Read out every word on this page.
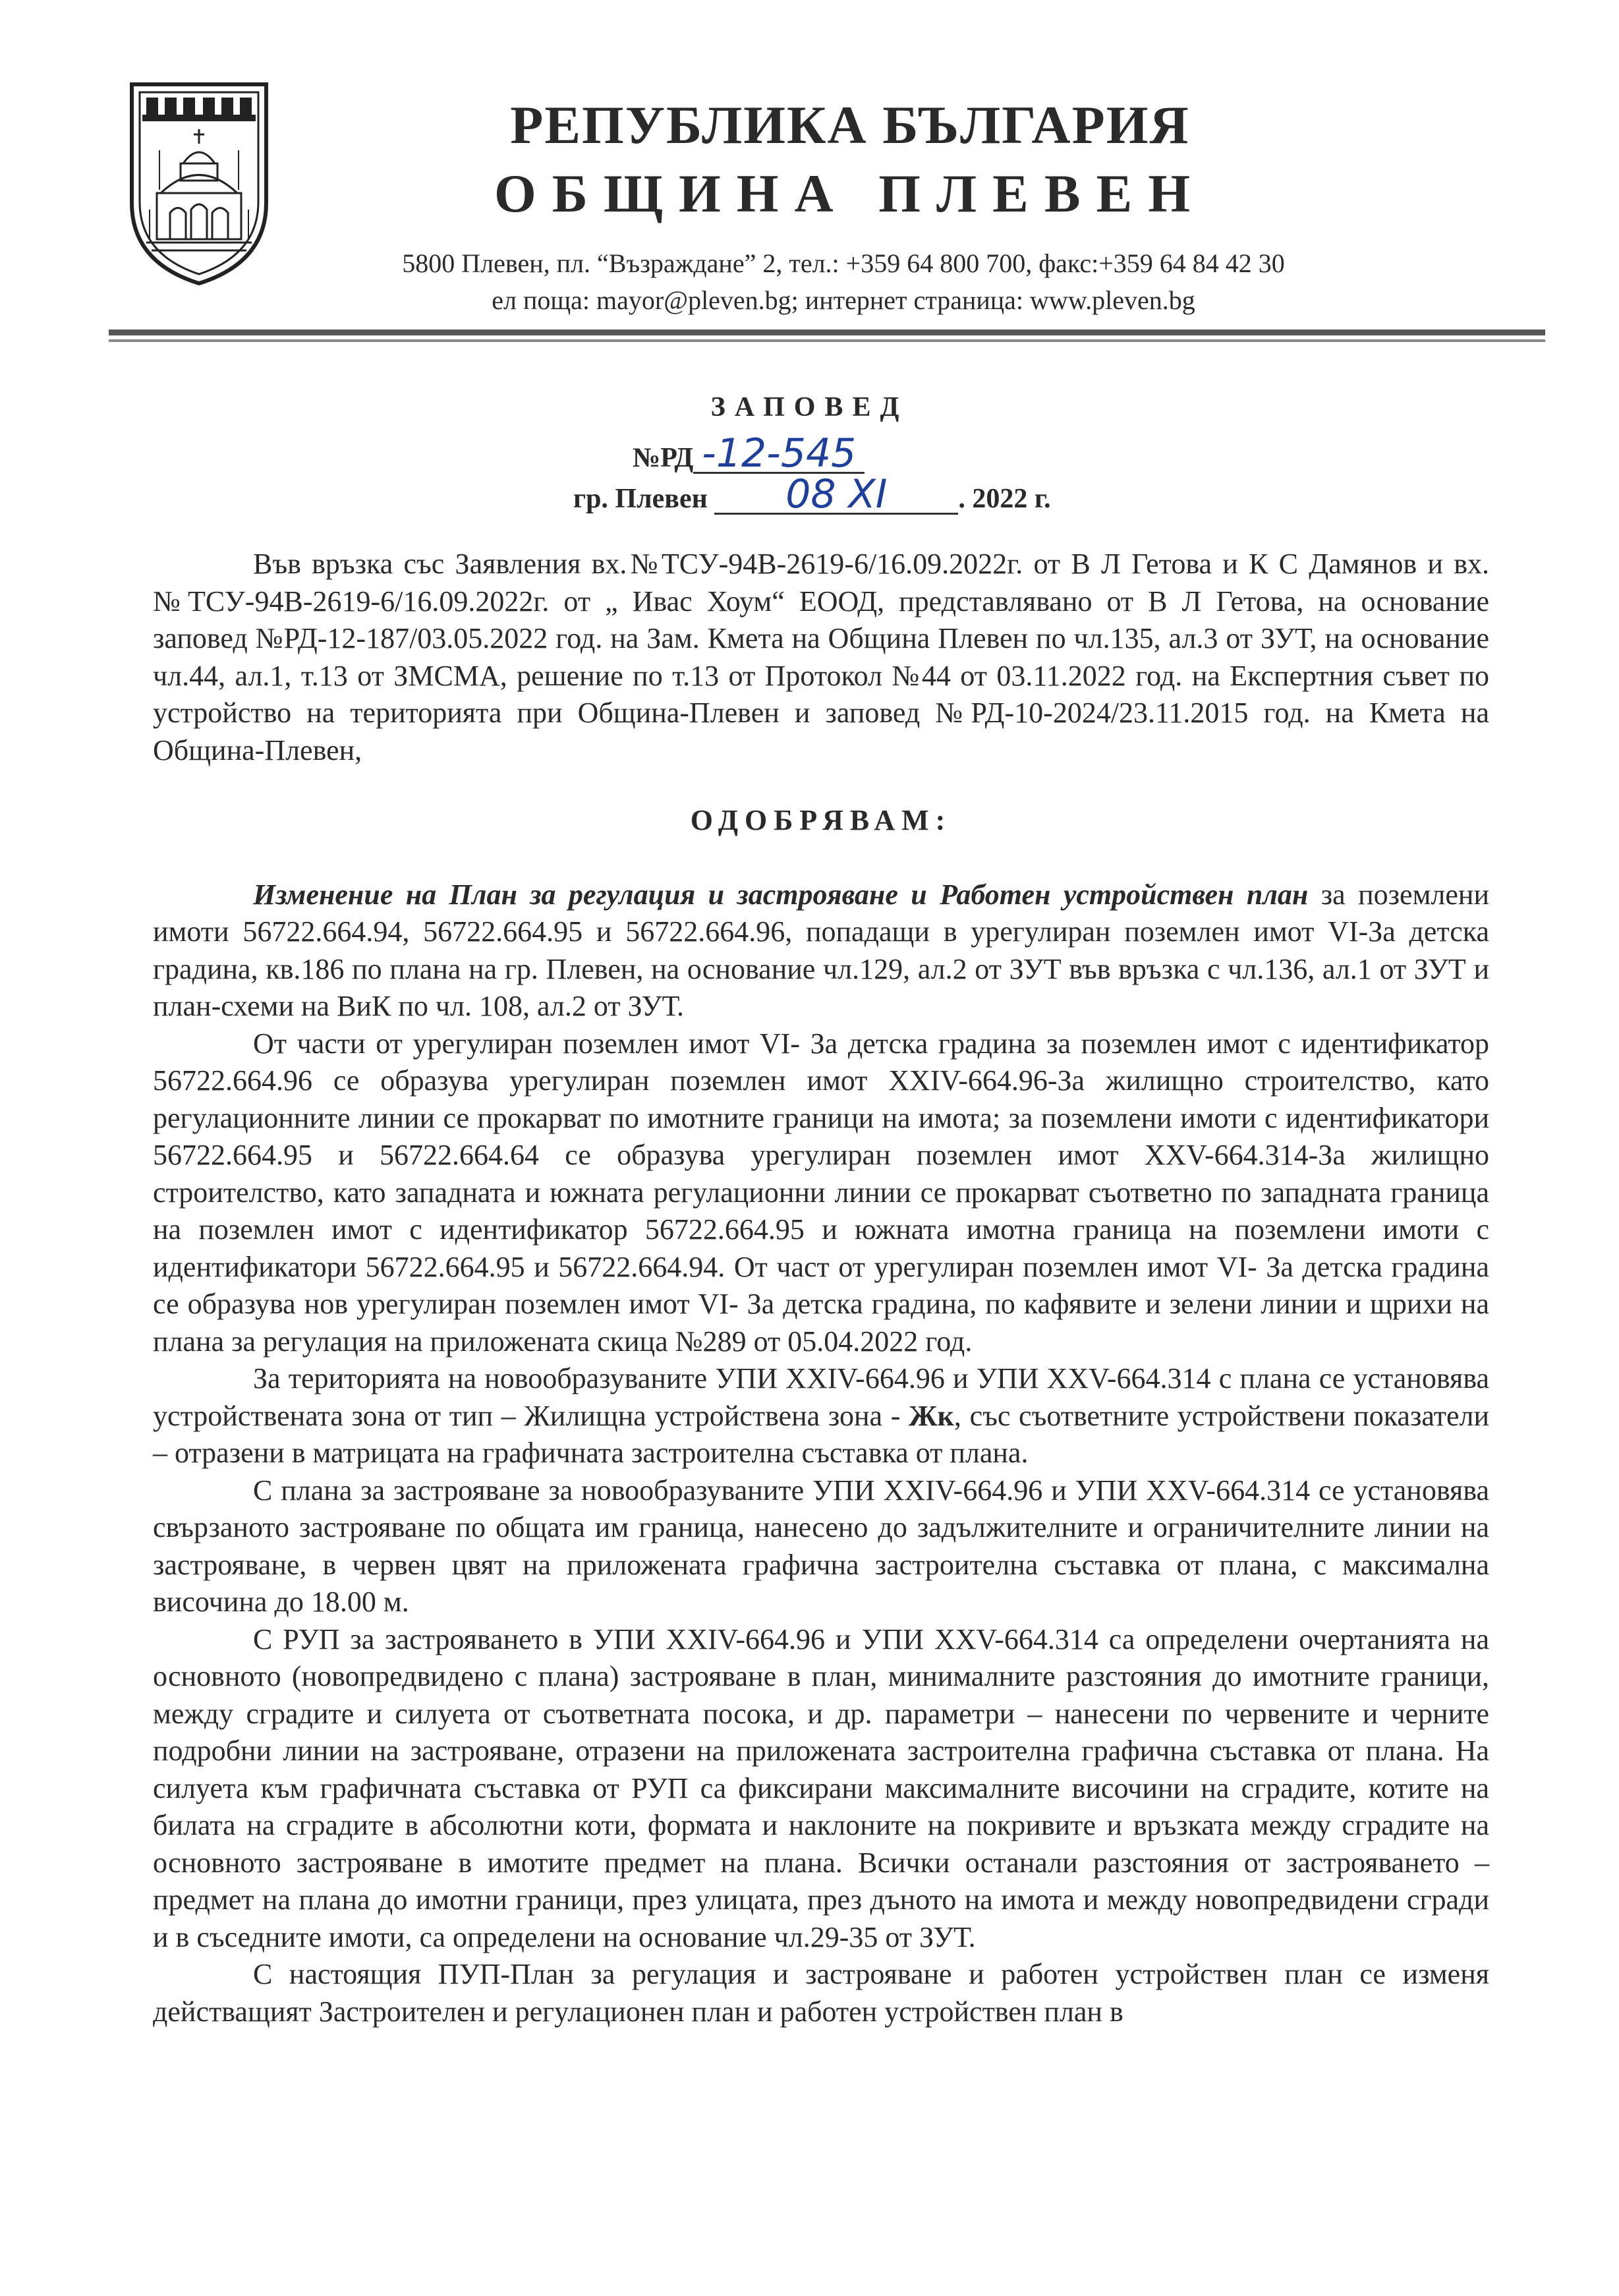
РЕПУБЛИКА БЪЛГАРИЯ
ОБЩИНА ПЛЕВЕН
5800 Плевен, пл. “Възраждане” 2, тел.: +359 64 800 700, факс:+359 64 84 42 30
ел поща: mayor@pleven.bg; интернет страница: www.pleven.bg
ЗАПОВЕД
№РД -12-545
гр. Плевен 08 XI	. 2022 г.

Във връзка със Заявления вх.№ТСУ-94В-2619-6/16.09.2022г. от В Л Гетова и К С Дамянов и вх.№ТСУ-94В-2619-6/16.09.2022г. от „ Ивас Хоум“ ЕООД, представлявано от В Л Гетова, на основание заповед №РД-12-187/03.05.2022 год. на Зам. Кмета на Община Плевен по чл.135, ал.3 от ЗУТ, на основание чл.44, ал.1, т.13 от ЗМСМА, решение по т.13 от Протокол №44 от 03.11.2022 год. на Експертния съвет по устройство на територията при Община-Плевен и заповед №РД-10-2024/23.11.2015 год. на Кмета на Община-Плевен,

ОДОБРЯВАМ:

Изменение на План за регулация и застрояване и Работен устройствен план за поземлени имоти 56722.664.94, 56722.664.95 и 56722.664.96, попадащи в урегулиран поземлен имот VI-За детска градина, кв.186 по плана на гр. Плевен, на основание чл.129, ал.2 от ЗУТ във връзка с чл.136, ал.1 от ЗУТ и план-схеми на ВиК по чл. 108, ал.2 от ЗУТ.

От части от урегулиран поземлен имот VI- За детска градина за поземлен имот с идентификатор 56722.664.96 се образува урегулиран поземлен имот XXIV-664.96-За жилищно строителство, като регулационните линии се прокарват по имотните граници на имота; за поземлени имоти с идентификатори 56722.664.95 и 56722.664.64 се образува урегулиран поземлен имот XXV-664.314-За жилищно строителство, като западната и южната регулационни линии се прокарват съответно по западната граница на поземлен имот с идентификатор 56722.664.95 и южната имотна граница на поземлени имоти с идентификатори 56722.664.95 и 56722.664.94. От част от урегулиран поземлен имот VI- За детска градина се образува нов урегулиран поземлен имот VI- За детска градина, по кафявите и зелени линии и щрихи на плана за регулация на приложената скица №289 от 05.04.2022 год.

За територията на новообразуваните УПИ XXIV-664.96 и УПИ XXV-664.314 с плана се установява устройствената зона от тип – Жилищна устройствена зона - Жк, със съответните устройствени показатели – отразени в матрицата на графичната застроителна съставка от плана.

С плана за застрояване за новообразуваните УПИ XXIV-664.96 и УПИ XXV-664.314 се установява свързаното застрояване по общата им граница, нанесено до задължителните и ограничителните линии на застрояване, в червен цвят на приложената графична застроителна съставка от плана, с максимална височина до 18.00 м.

С РУП за застрояването в УПИ XXIV-664.96 и УПИ XXV-664.314 са определени очертанията на основното (новопредвидено с плана) застрояване в план, минималните разстояния до имотните граници, между сградите и силуета от съответната посока, и др. параметри – нанесени по червените и черните подробни линии на застрояване, отразени на приложената застроителна графична съставка от плана. На силуета към графичната съставка от РУП са фиксирани максималните височини на сградите, котите на билата на сградите в абсолютни коти, формата и наклоните на покривите и връзката между сградите на основното застрояване в имотите предмет на плана. Всички останали разстояния от застрояването – предмет на плана до имотни граници, през улицата, през дъното на имота и между новопредвидени сгради и в съседните имоти, са определени на основание чл.29-35 от ЗУТ.

С настоящия ПУП-План за регулация и застрояване и работен устройствен план се изменя действащият Застроителен и регулационен план и работен устройствен план в
